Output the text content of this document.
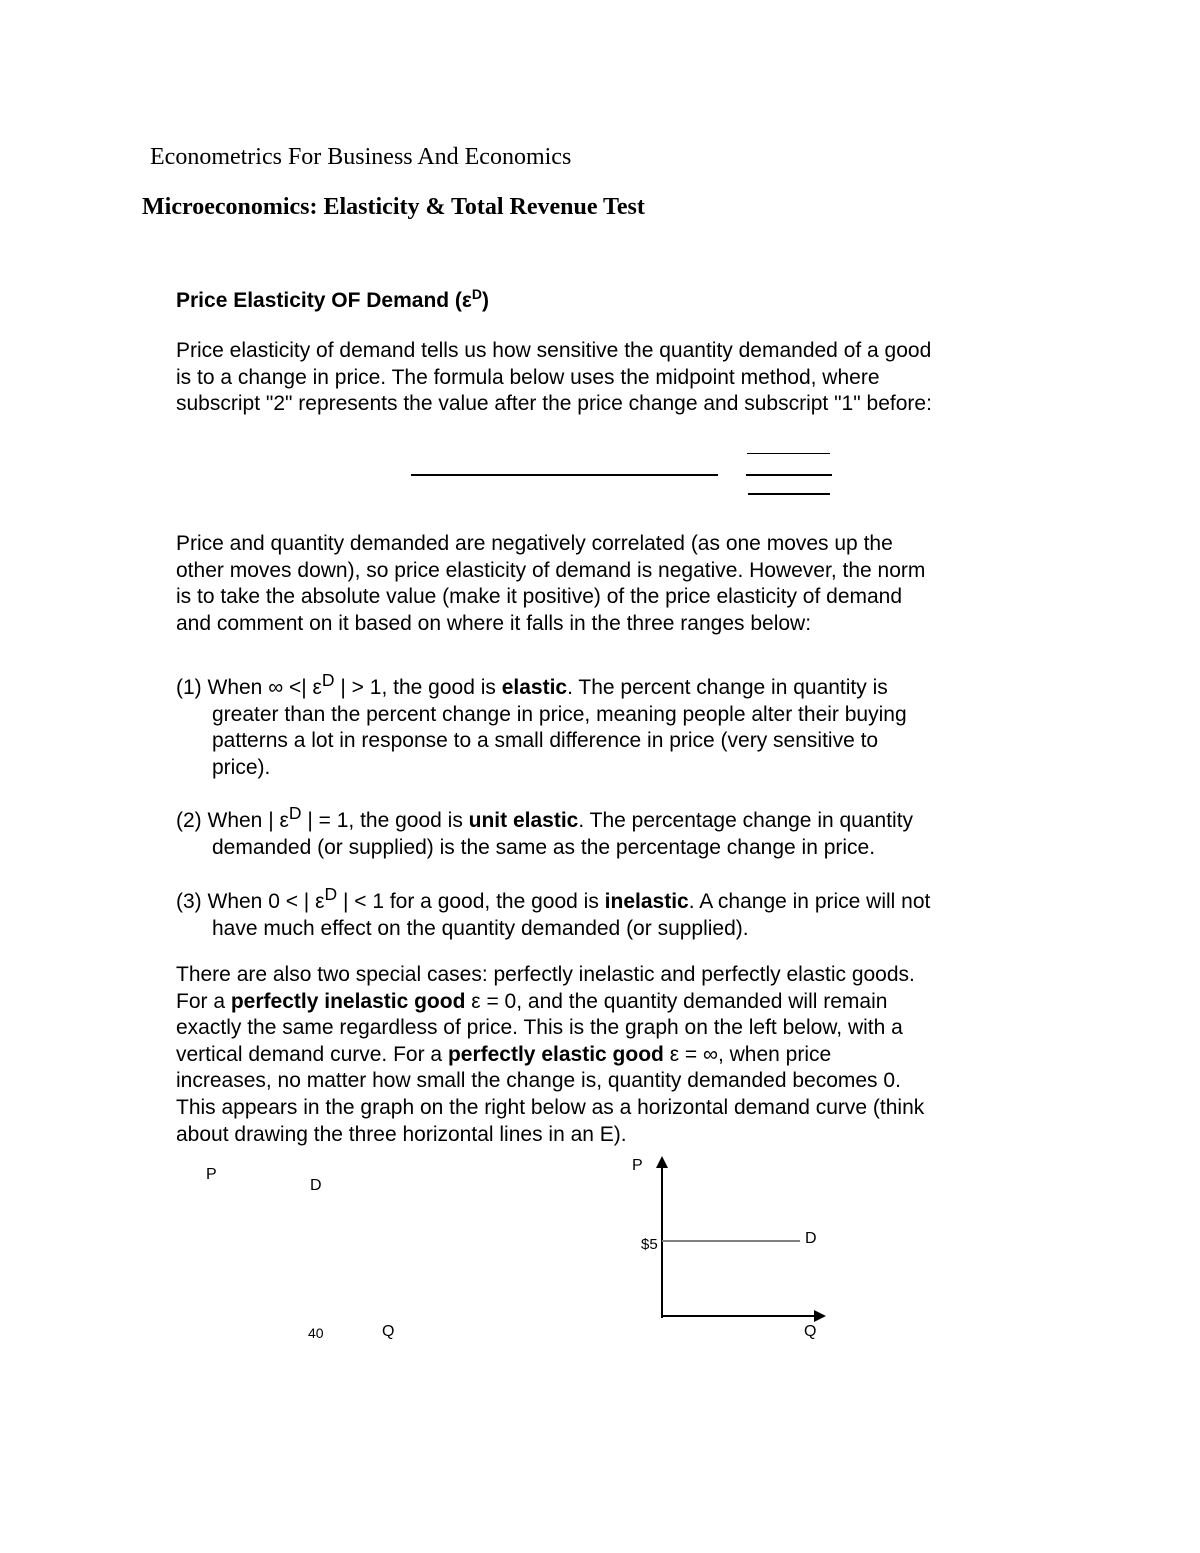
Econometrics For Business And Economics
Microeconomics: Elasticity & Total Revenue Test
Price Elasticity OF Demand $(\varepsilon^D)$
Price elasticity of demand tells us how sensitive the quantity demanded of a good
is to a change in price. The formula below uses the midpoint method, where
subscript "2" represents the value after the price change and subscript "1" before:
Price and quantity demanded are negatively correlated (as one moves up the
other moves down), so price elasticity of demand is negative. However, the norm
is to take the absolute value (make it positive) of the price elasticity of demand
and comment on it based on where it falls in the three ranges below:
(1) When ∞ <| $\varepsilon^D$ | > 1, the good is elastic. The percent change in quantity is
greater than the percent change in price, meaning people alter their buying
patterns a lot in response to a small difference in price (very sensitive to
price).
(2) When | $\varepsilon^D$ | = 1, the good is unit elastic. The percentage change in quantity
demanded (or supplied) is the same as the percentage change in price.
(3) When 0 < | $\varepsilon^D$ | < 1 for a good, the good is inelastic. A change in price will not
have much effect on the quantity demanded (or supplied).
There are also two special cases: perfectly inelastic and perfectly elastic goods.
For a perfectly inelastic good ε = 0, and the quantity demanded will remain
exactly the same regardless of price. This is the graph on the left below, with a
vertical demand curve. For a perfectly elastic good ε = ∞, when price
increases, no matter how small the change is, quantity demanded becomes 0.
This appears in the graph on the right below as a horizontal demand curve (think
about drawing the three horizontal lines in an E).
P
D
40	Q
P
$5	D
Q
